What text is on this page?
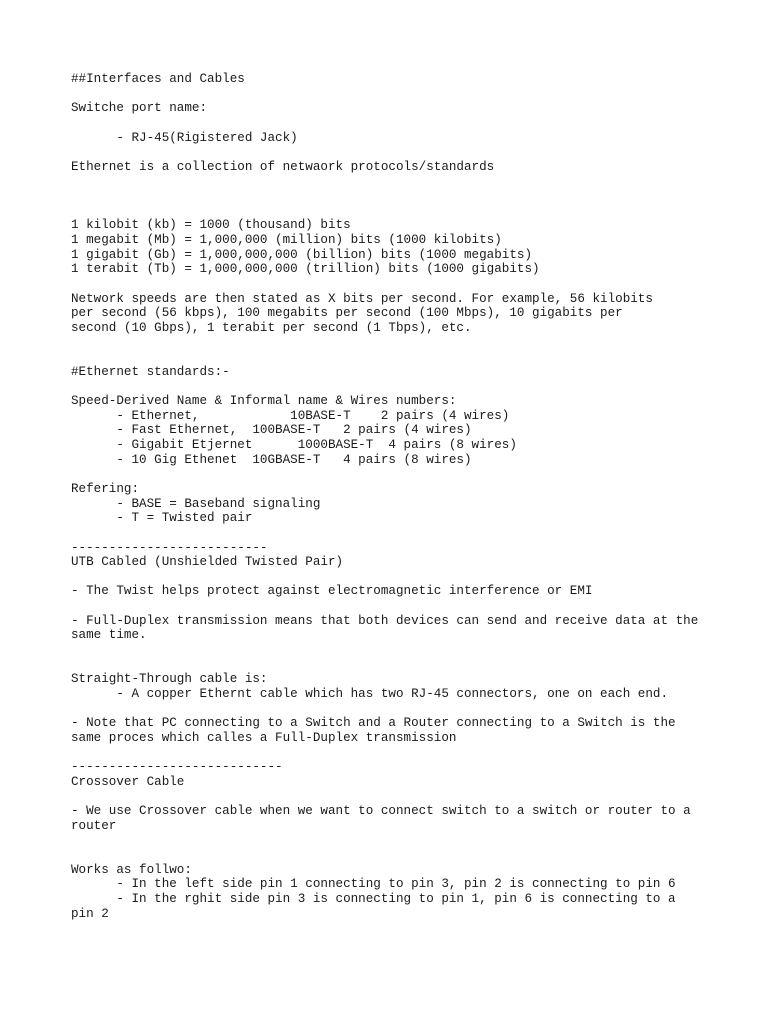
##Interfaces and Cables
Switche port name:
- RJ-45(Rigistered Jack)
Ethernet is a collection of netwaork protocols/standards
1 kilobit (kb) = 1000 (thousand) bits
1 megabit (Mb) = 1,000,000 (million) bits (1000 kilobits)
1 gigabit (Gb) = 1,000,000,000 (billion) bits (1000 megabits)
1 terabit (Tb) = 1,000,000,000 (trillion) bits (1000 gigabits)
Network speeds are then stated as X bits per second. For example, 56 kilobits
per second (56 kbps), 100 megabits per second (100 Mbps), 10 gigabits per
second (10 Gbps), 1 terabit per second (1 Tbps), etc.
#Ethernet standards:-
Speed-Derived Name & Informal name & Wires numbers:
- Ethernet,            10BASE-T    2 pairs (4 wires)
- Fast Ethernet,  100BASE-T   2 pairs (4 wires)
- Gigabit Etjernet      1000BASE-T  4 pairs (8 wires)
- 10 Gig Ethenet  10GBASE-T   4 pairs (8 wires)
Refering:
- BASE = Baseband signaling
- T = Twisted pair
--------------------------
UTB Cabled (Unshielded Twisted Pair)
- The Twist helps protect against electromagnetic interference or EMI
- Full-Duplex transmission means that both devices can send and receive data at the
same time.
Straight-Through cable is:
- A copper Ethernt cable which has two RJ-45 connectors, one on each end.
- Note that PC connecting to a Switch and a Router connecting to a Switch is the
same proces which calles a Full-Duplex transmission
----------------------------
Crossover Cable
- We use Crossover cable when we want to connect switch to a switch or router to a
router
Works as follwo:
- In the left side pin 1 connecting to pin 3, pin 2 is connecting to pin 6
- In the rghit side pin 3 is connecting to pin 1, pin 6 is connecting to a
pin 2
